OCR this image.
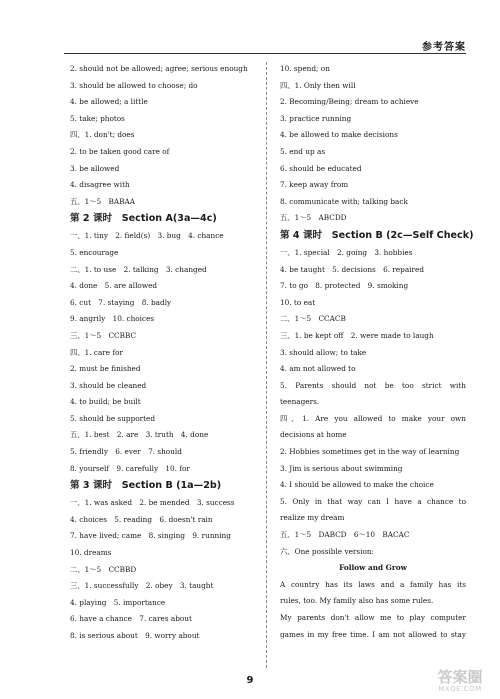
参考答案
2. should not be allowed; agree; serious enough
3. should be allowed to choose; do
4. be allowed; a little
5. take; photos
四、1. don't; does
2. to be taken good care of
3. be allowed
4. disagree with
五、1～5　BABAA
第 2 课时　Section A(3a—4c)
一、1. tiny　2. field(s)　3. bug　4. chance
5. encourage
二、1. to use　2. talking　3. changed
4. done　5. are allowed
6. cut　7. staying　8. badly
9. angrily　10. choices
三、1～5　CCBBC
四、1. care for
2. must be finished
3. should be cleaned
4. to build; be built
5. should be supported
五、1. best　2. are　3. truth　4. done
5. friendly　6. ever　7. should
8. yourself　9. carefully　10. for
第 3 课时　Section B (1a—2b)
一、1. was asked　2. be mended　3. success
4. choices　5. reading　6. doesn't rain
7. have lived; came　8. singing　9. running
10. dreams
二、1～5　CCBBD
三、1. successfully　2. obey　3. taught
4. playing　5. importance
6. have a chance　7. cares about
8. is serious about　9. worry about
10. spend; on
四、1. Only then will
2. Becoming/Being; dream to achieve
3. practice running
4. be allowed to make decisions
5. end up as
6. should be educated
7. keep away from
8. communicate with; talking back
五、1～5　ABCDD
第 4 课时　Section B (2c—Self Check)
一、1. special　2. going　3. hobbies
4. be taught　5. decisions　6. repaired
7. to go　8. protected　9. smoking
10. to eat
二、1～5　CCACB
三、1. be kept off　2. were made to laugh
3. should allow; to take
4. am not allowed to
5. Parents should not be too strict with
teenagers.
四、1. Are you allowed to make your own
decisions at home
2. Hobbies sometimes get in the way of learning
3. Jim is serious about swimming
4. I should be allowed to make the choice
5. Only in that way can I have a chance to
realize my dream
五、1～5　DABCD　6～10　BACAC
六、One possible version:
Follow and Grow
A country has its laws and a family has its
rules, too. My family also has some rules.
My parents don't allow me to play computer
games in my free time. I am not allowed to stay
9	答案圈
MXQE.COM
